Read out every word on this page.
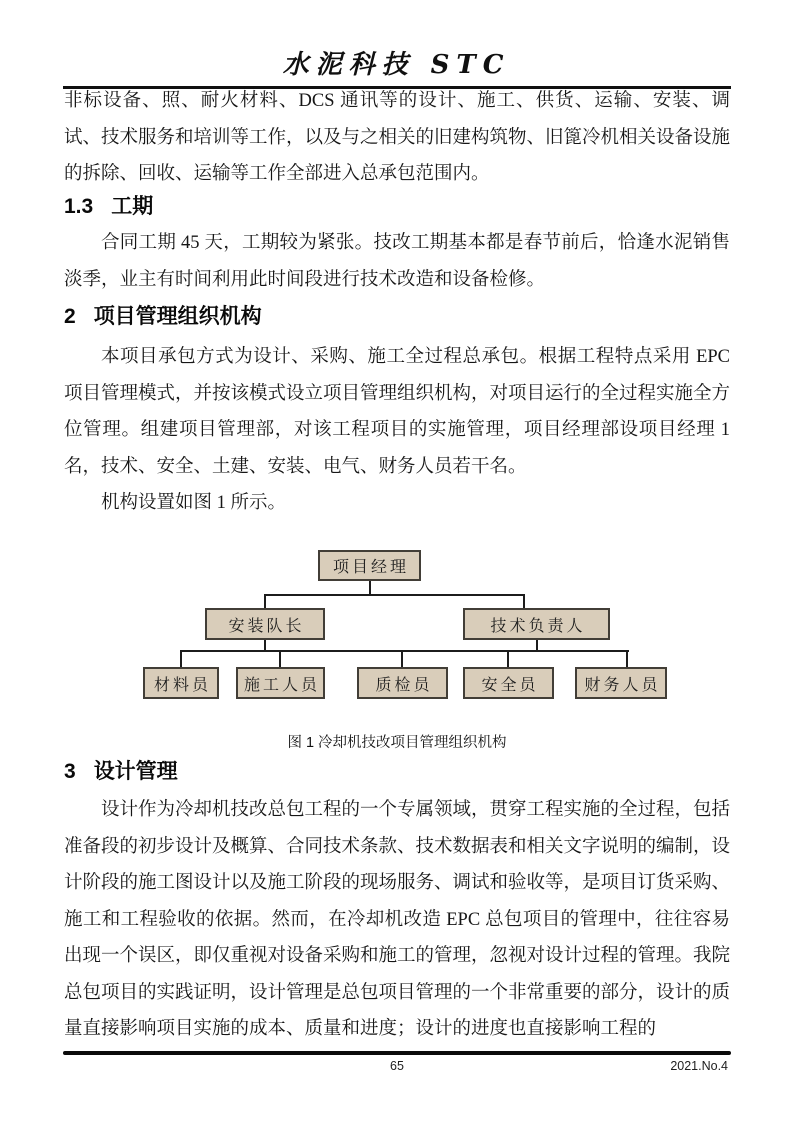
水泥科技 STC

非标设备、照、耐火材料、DCS 通讯等的设计、施工、供货、运输、安装、调试、技术服务和培训等工作，以及与之相关的旧建构筑物、旧篦冷机相关设备设施的拆除、回收、运输等工作全部进入总承包范围内。

1.3 工期

合同工期 45 天，工期较为紧张。技改工期基本都是春节前后，恰逢水泥销售淡季，业主有时间利用此时间段进行技术改造和设备检修。

2 项目管理组织机构

本项目承包方式为设计、采购、施工全过程总承包。根据工程特点采用 EPC 项目管理模式，并按该模式设立项目管理组织机构，对项目运行的全过程实施全方位管理。组建项目管理部，对该工程项目的实施管理，项目经理部设项目经理 1 名，技术、安全、土建、安装、电气、财务人员若干名。

机构设置如图 1 所示。

项目经理
安装队长	技术负责人
材料员	施工人员	质检员	安全员	财务人员
图 1 冷却机技改项目管理组织机构
3 设计管理

设计作为冷却机技改总包工程的一个专属领域，贯穿工程实施的全过程，包括准备段的初步设计及概算、合同技术条款、技术数据表和相关文字说明的编制，设计阶段的施工图设计以及施工阶段的现场服务、调试和验收等，是项目订货采购、施工和工程验收的依据。然而，在冷却机改造 EPC 总包项目的管理中，往往容易出现一个误区，即仅重视对设备采购和施工的管理，忽视对设计过程的管理。我院总包项目的实践证明，设计管理是总包项目管理的一个非常重要的部分，设计的质量直接影响项目实施的成本、质量和进度；设计的进度也直接影响工程的

65	2021.No.4
